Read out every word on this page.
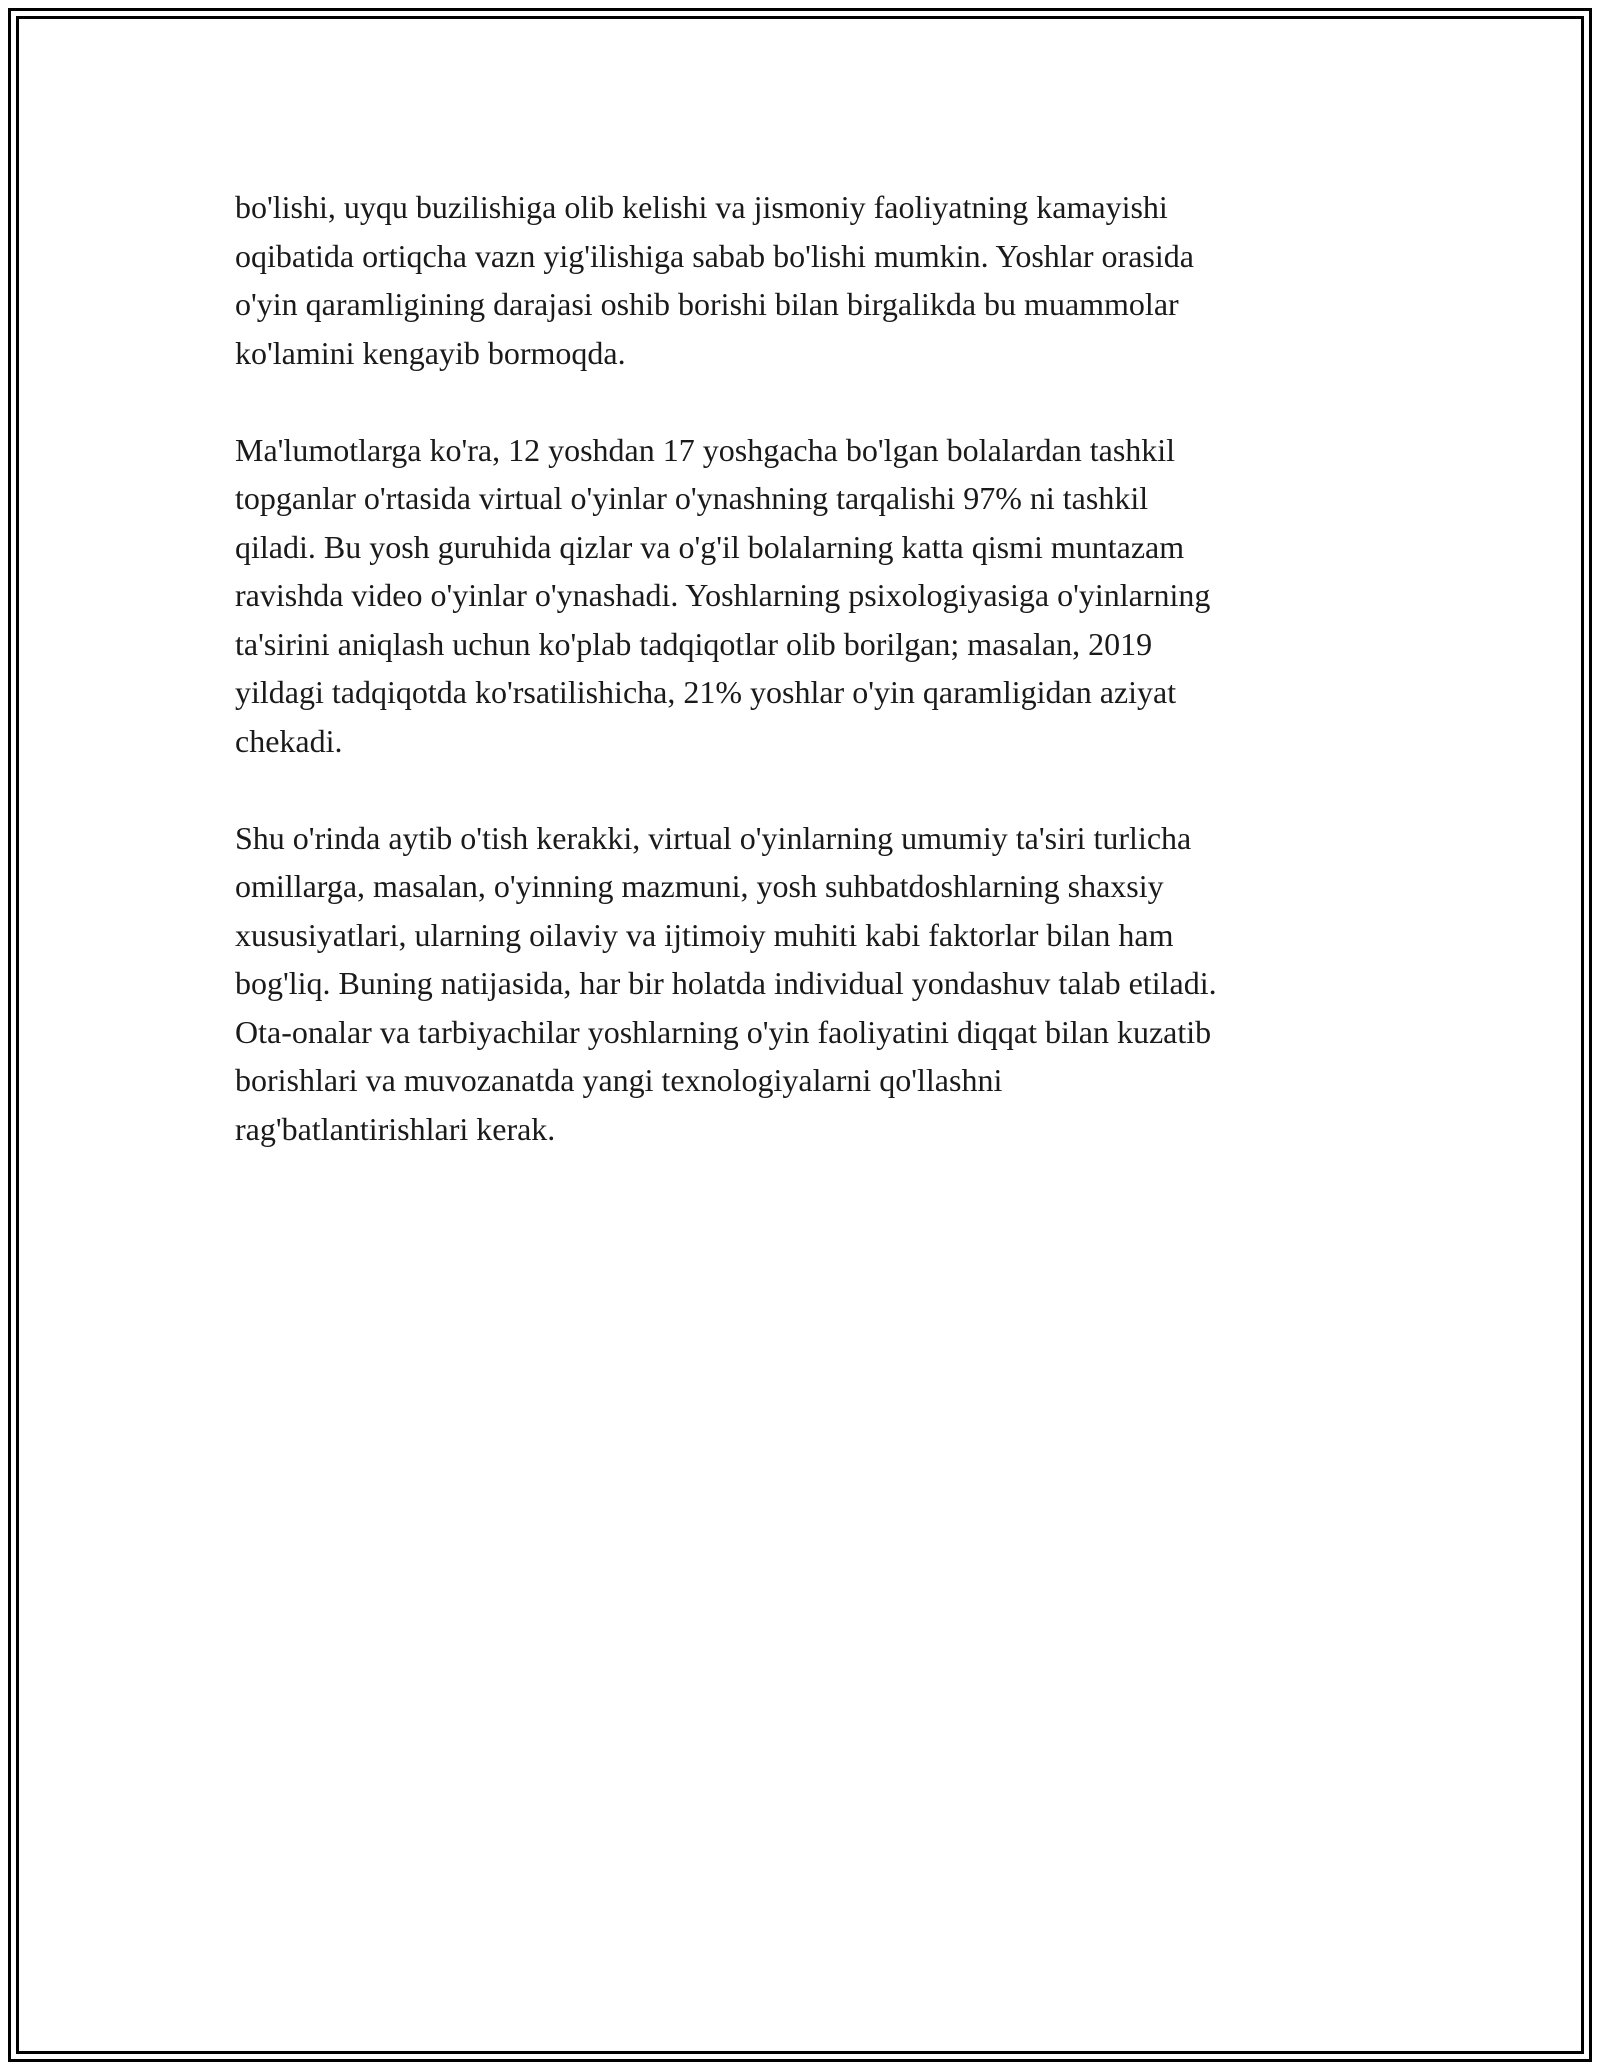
bo'lishi, uyqu buzilishiga olib kelishi va jismoniy faoliyatning kamayishi
oqibatida ortiqcha vazn yig'ilishiga sabab bo'lishi mumkin. Yoshlar orasida
o'yin qaramligining darajasi oshib borishi bilan birgalikda bu muammolar
ko'lamini kengayib bormoqda.

Ma'lumotlarga ko'ra, 12 yoshdan 17 yoshgacha bo'lgan bolalardan tashkil
topganlar o'rtasida virtual o'yinlar o'ynashning tarqalishi 97% ni tashkil
qiladi. Bu yosh guruhida qizlar va o'g'il bolalarning katta qismi muntazam
ravishda video o'yinlar o'ynashadi. Yoshlarning psixologiyasiga o'yinlarning
ta'sirini aniqlash uchun ko'plab tadqiqotlar olib borilgan; masalan, 2019
yildagi tadqiqotda ko'rsatilishicha, 21% yoshlar o'yin qaramligidan aziyat
chekadi.

Shu o'rinda aytib o'tish kerakki, virtual o'yinlarning umumiy ta'siri turlicha
omillarga, masalan, o'yinning mazmuni, yosh suhbatdoshlarning shaxsiy
xususiyatlari, ularning oilaviy va ijtimoiy muhiti kabi faktorlar bilan ham
bog'liq. Buning natijasida, har bir holatda individual yondashuv talab etiladi.
Ota-onalar va tarbiyachilar yoshlarning o'yin faoliyatini diqqat bilan kuzatib
borishlari va muvozanatda yangi texnologiyalarni qo'llashni
rag'batlantirishlari kerak.
